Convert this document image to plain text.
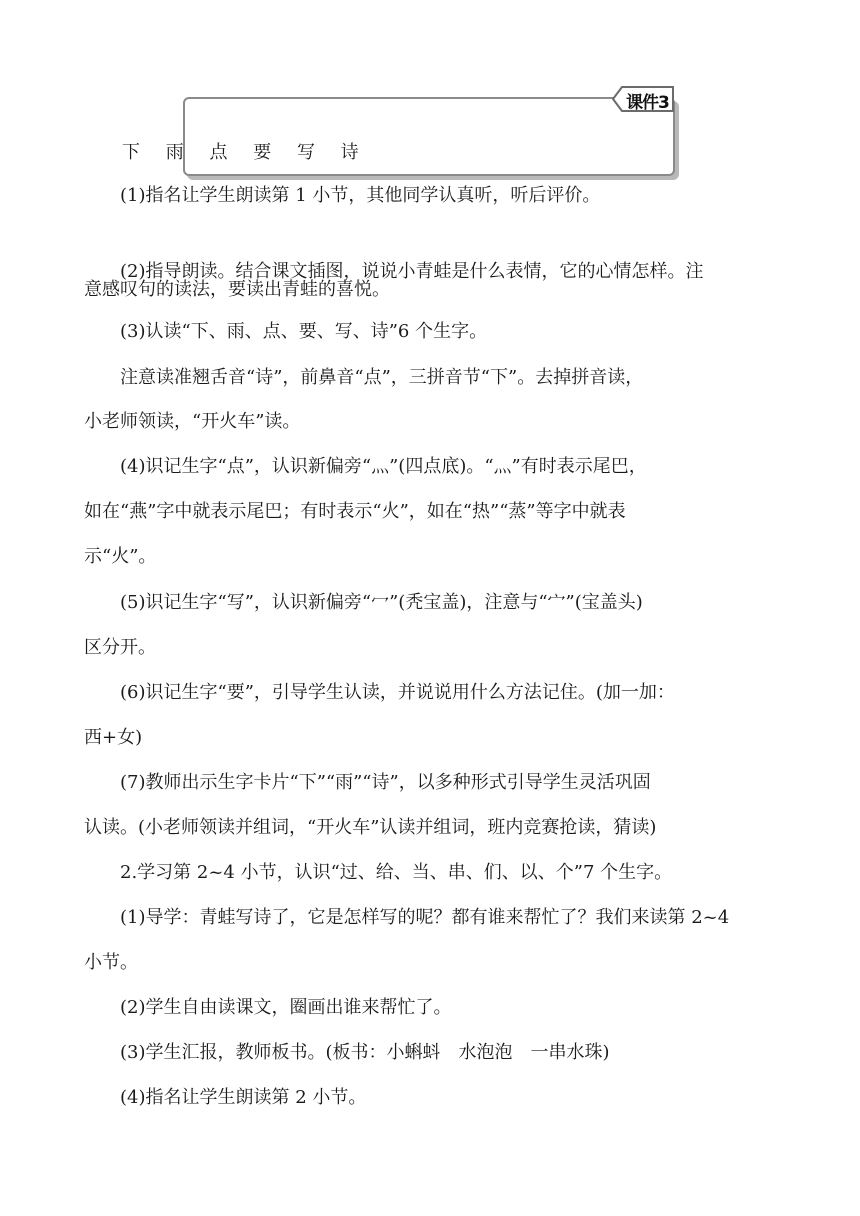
课件3
下 雨 点 要 写 诗
　　(1)指名让学生朗读第 1 小节，其他同学认真听，听后评价。
　　(2)指导朗读。结合课文插图，说说小青蛙是什么表情，它的心情怎样。注
意感叹句的读法，要读出青蛙的喜悦。
　　(3)认读“下、雨、点、要、写、诗”6 个生字。
　　注意读准翘舌音“诗”，前鼻音“点”，三拼音节“下”。去掉拼音读，
小老师领读，“开火车”读。
　　(4)识记生字“点”，认识新偏旁“灬”(四点底)。“灬”有时表示尾巴，
如在“燕”字中就表示尾巴；有时表示“火”，如在“热”“蒸”等字中就表
示“火”。
　　(5)识记生字“写”，认识新偏旁“冖”(秃宝盖)，注意与“宀”(宝盖头)
区分开。
　　(6)识记生字“要”，引导学生认读，并说说用什么方法记住。(加一加：
西+女)
　　(7)教师出示生字卡片“下”“雨”“诗”，以多种形式引导学生灵活巩固
认读。(小老师领读并组词，“开火车”认读并组词，班内竞赛抢读，猜读)
　　2.学习第 2~4 小节，认识“过、给、当、串、们、以、个”7 个生字。
　　(1)导学：青蛙写诗了，它是怎样写的呢？都有谁来帮忙了？我们来读第 2~4
小节。
　　(2)学生自由读课文，圈画出谁来帮忙了。
　　(3)学生汇报，教师板书。(板书：小蝌蚪　水泡泡　一串水珠)
　　(4)指名让学生朗读第 2 小节。
